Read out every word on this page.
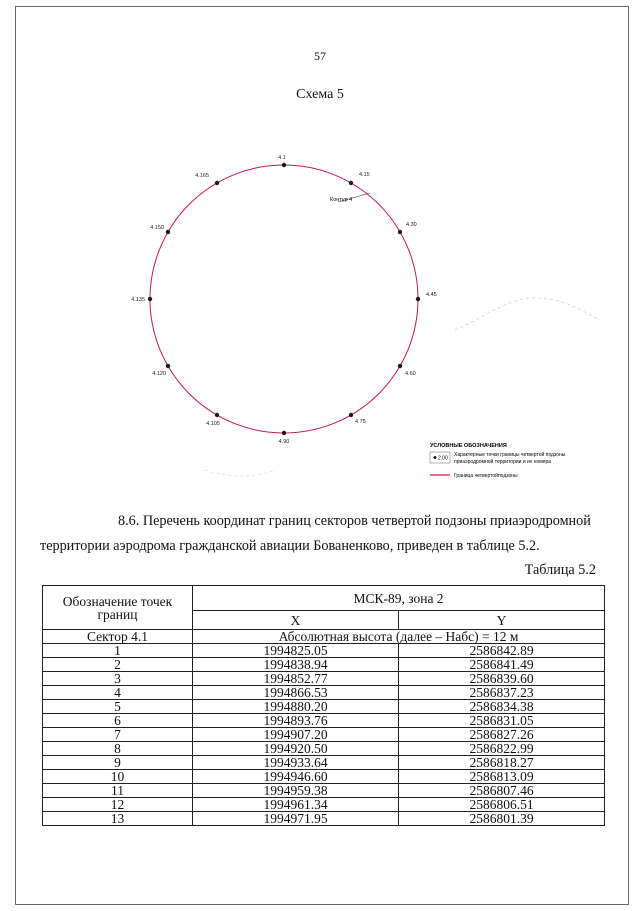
57
Схема 5
4.1
4.15
4.30
4.45
4.60
4.75
4.90
4.105
4.120
4.135
4.150
4.165
Контур 4
УСЛОВНЫЕ ОБОЗНАЧЕНИЯ
2.00
Характерные точки границы четвертой подзоны
приаэродромной территории и их номера
Граница четвертойподзоны
8.6. Перечень координат границ секторов четвертой подзоны приаэродромной
территории аэродрома гражданской авиации Бованенково, приведен в таблице 5.2.
Таблица 5.2
Обозначение точек границ	МСК-89, зона 2	
	X	Y
Сектор 4.1	Абсолютная высота (далее – Набс) = 12 м	
1	1994825.05	2586842.89
2	1994838.94	2586841.49
3	1994852.77	2586839.60
4	1994866.53	2586837.23
5	1994880.20	2586834.38
6	1994893.76	2586831.05
7	1994907.20	2586827.26
8	1994920.50	2586822.99
9	1994933.64	2586818.27
10	1994946.60	2586813.09
11	1994959.38	2586807.46
12	1994961.34	2586806.51
13	1994971.95	2586801.39
